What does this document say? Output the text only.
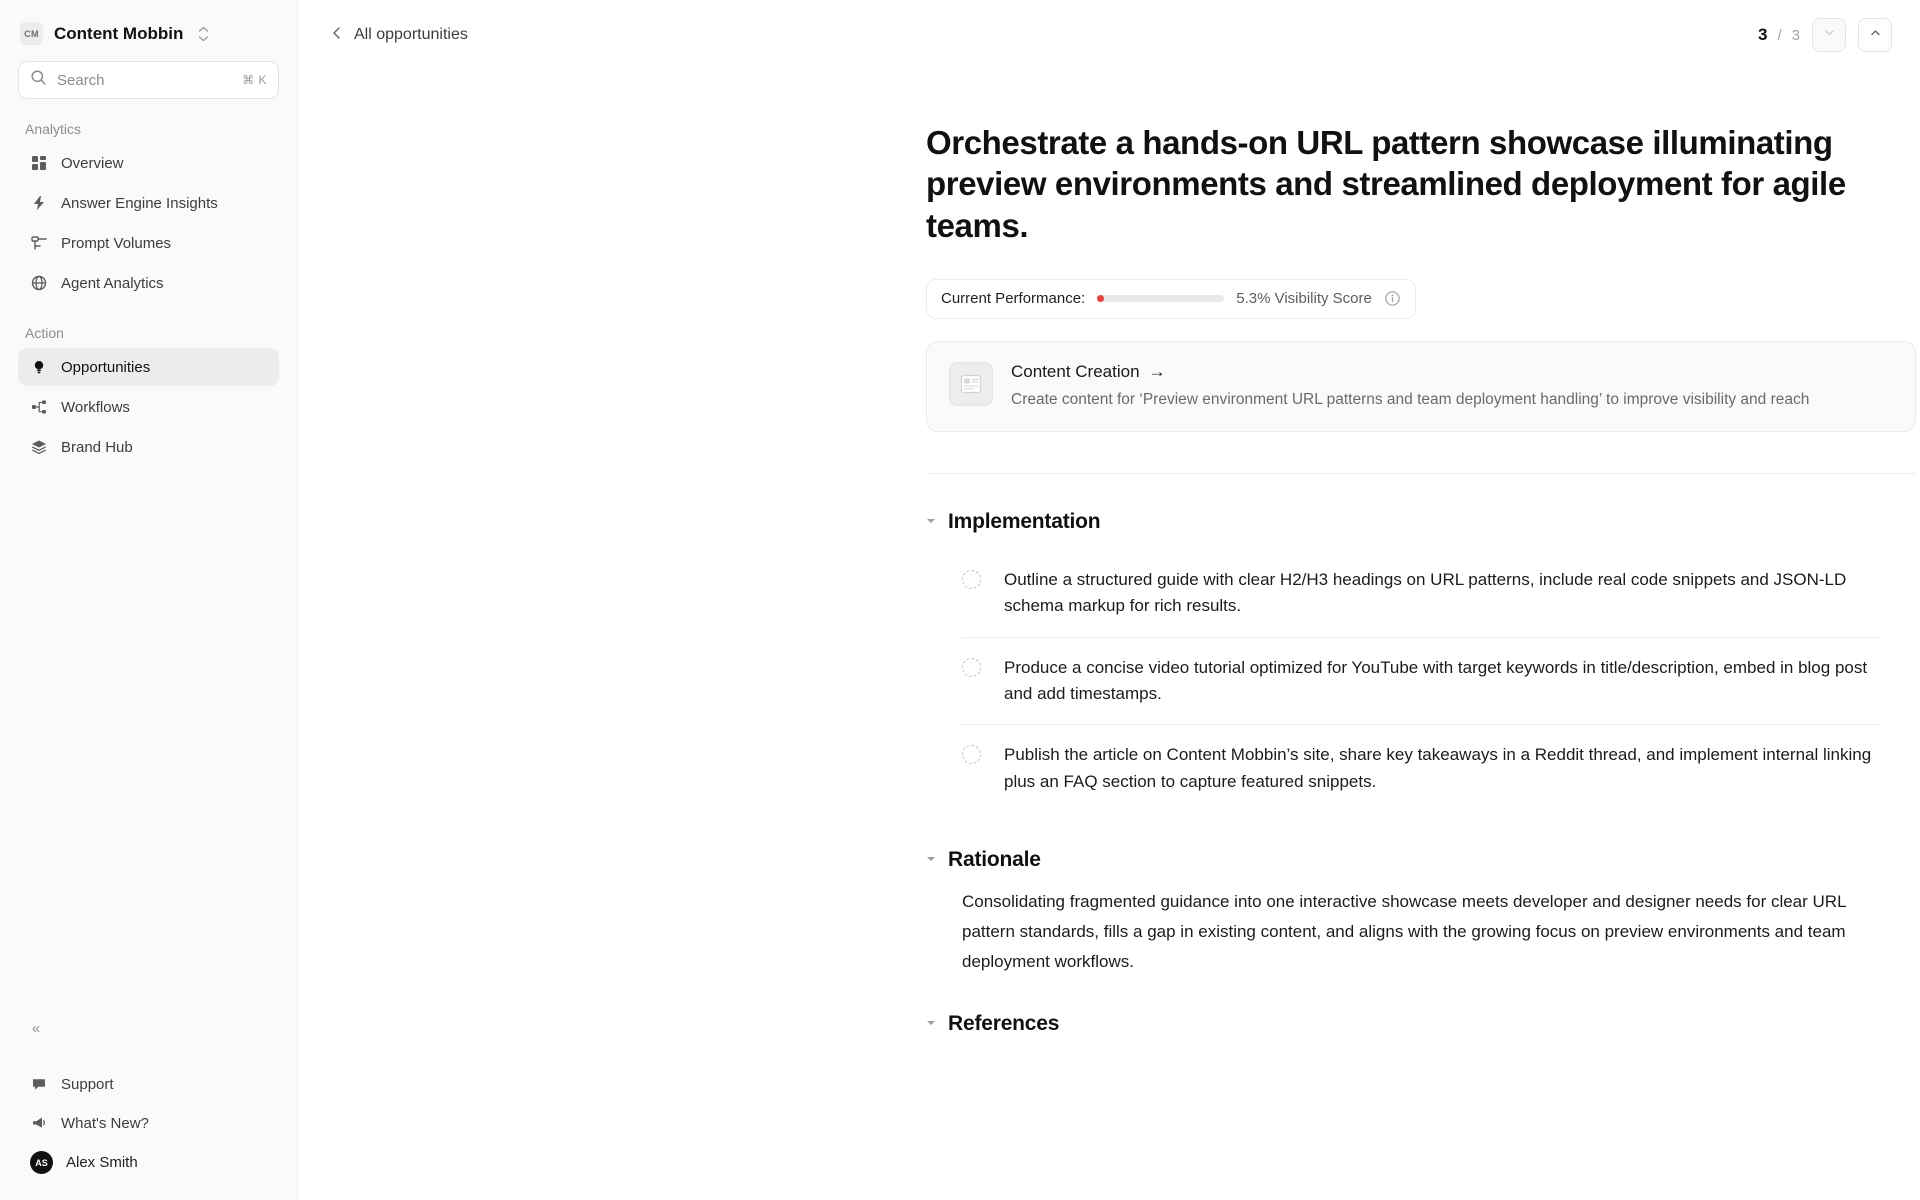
CM Content Mobbin
Search	⌘ K
Analytics
Overview
Answer Engine Insights
Prompt Volumes
Agent Analytics
Action
Opportunities
Workflows
Brand Hub
«
Support
What's New?
AS	Alex Smith
All opportunities	3 / 3
Orchestrate a hands-on URL pattern showcase illuminating preview environments and streamlined deployment for agile teams.
Current Performance:	5.3% Visibility Score
Content Creation →
Create content for ‘Preview environment URL patterns and team deployment handling’ to improve visibility and reach
Implementation
Outline a structured guide with clear H2/H3 headings on URL patterns, include real code snippets and JSON-LD schema markup for rich results.
Produce a concise video tutorial optimized for YouTube with target keywords in title/description, embed in blog post and add timestamps.
Publish the article on Content Mobbin’s site, share key takeaways in a Reddit thread, and implement internal linking plus an FAQ section to capture featured snippets.
Rationale
Consolidating fragmented guidance into one interactive showcase meets developer and designer needs for clear URL pattern standards, fills a gap in existing content, and aligns with the growing focus on preview environments and team deployment workflows.
References
